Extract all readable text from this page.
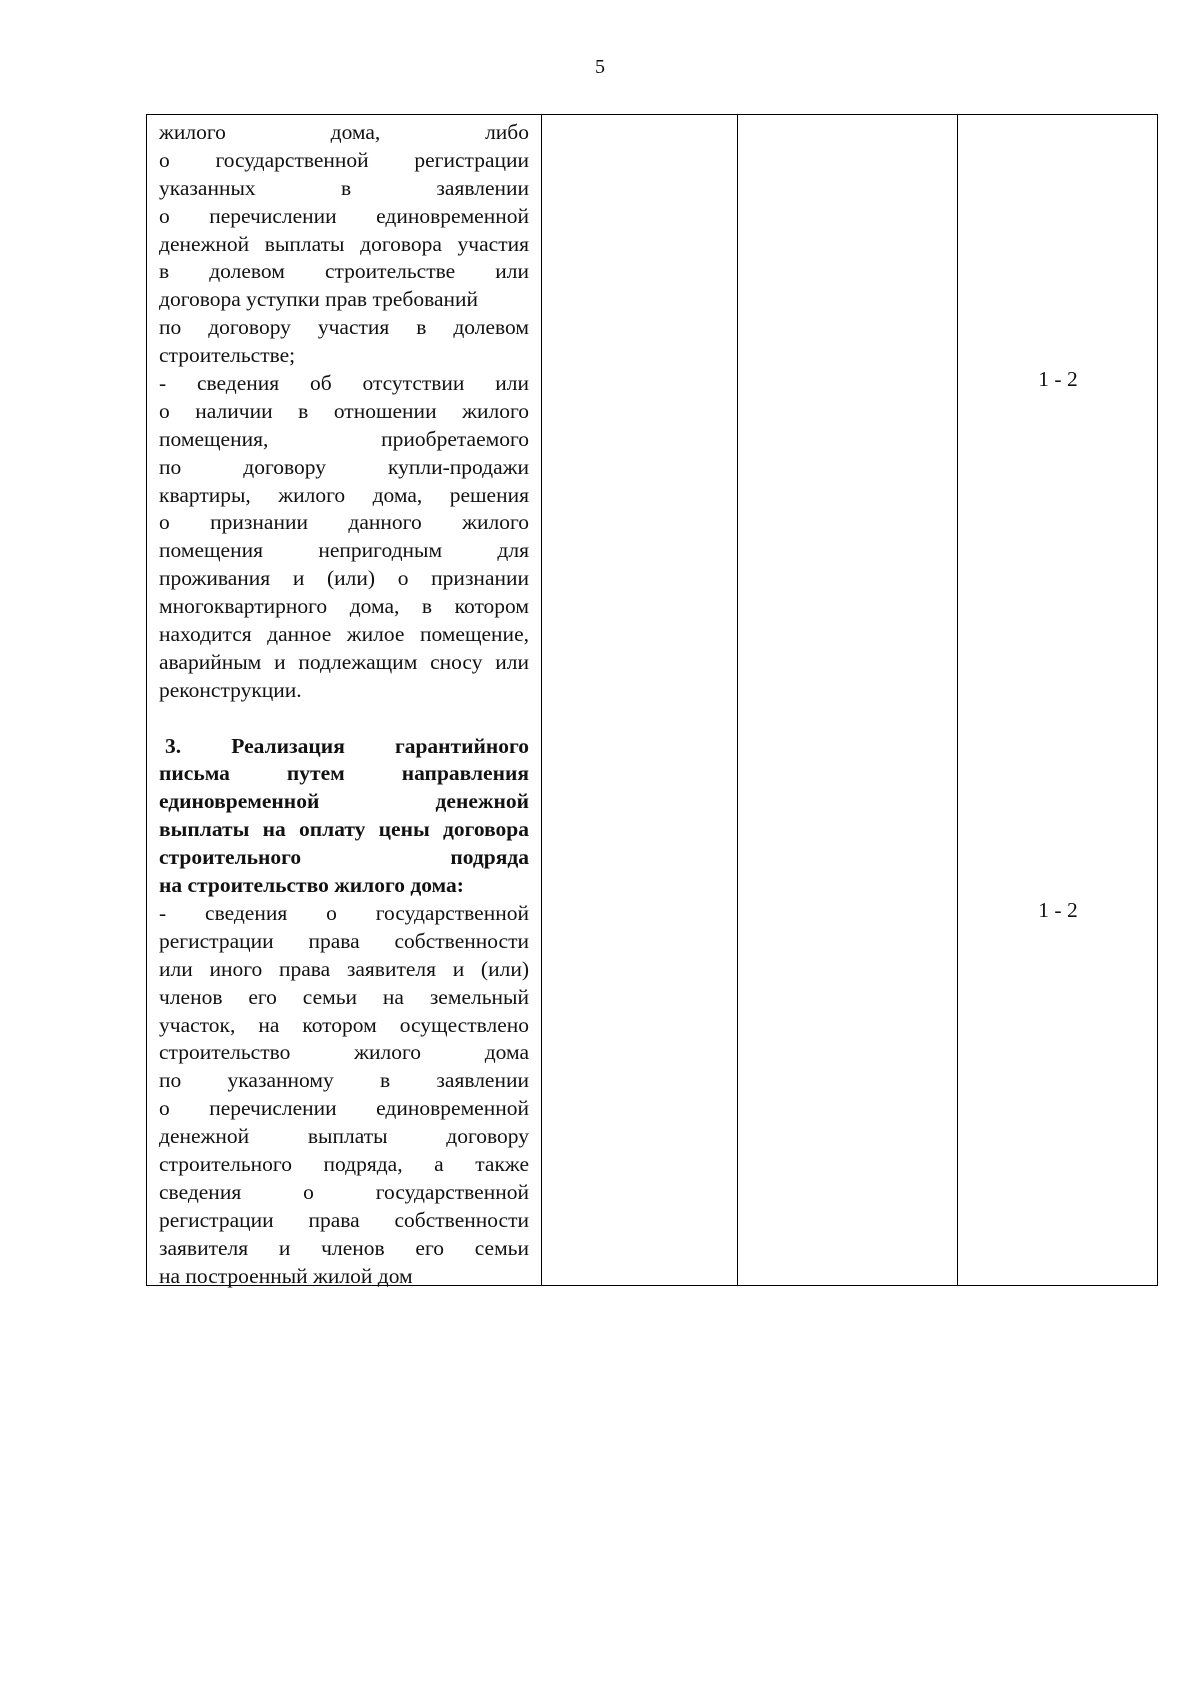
5
жилого дома, либо
о государственной регистрации
указанных в заявлении
о перечислении единовременной
денежной выплаты договора участия
в долевом строительстве или
договора уступки прав требований
по договору участия в долевом
строительстве;
- сведения об отсутствии или
о наличии в отношении жилого
помещения, приобретаемого
по договору купли-продажи
квартиры, жилого дома, решения
о признании данного жилого
помещения непригодным для
проживания и (или) о признании
многоквартирного дома, в котором
находится данное жилое помещение,
аварийным и подлежащим сносу или
реконструкции.
3. Реализация гарантийного
письма путем направления
единовременной денежной
выплаты на оплату цены договора
строительного подряда
на строительство жилого дома:
- сведения о государственной
регистрации права собственности
или иного права заявителя и (или)
членов его семьи на земельный
участок, на котором осуществлено
строительство жилого дома
по указанному в заявлении
о перечислении единовременной
денежной выплаты договору
строительного подряда, а также
сведения о государственной
регистрации права собственности
заявителя и членов его семьи
на построенный жилой дом
1 - 2
1 - 2
